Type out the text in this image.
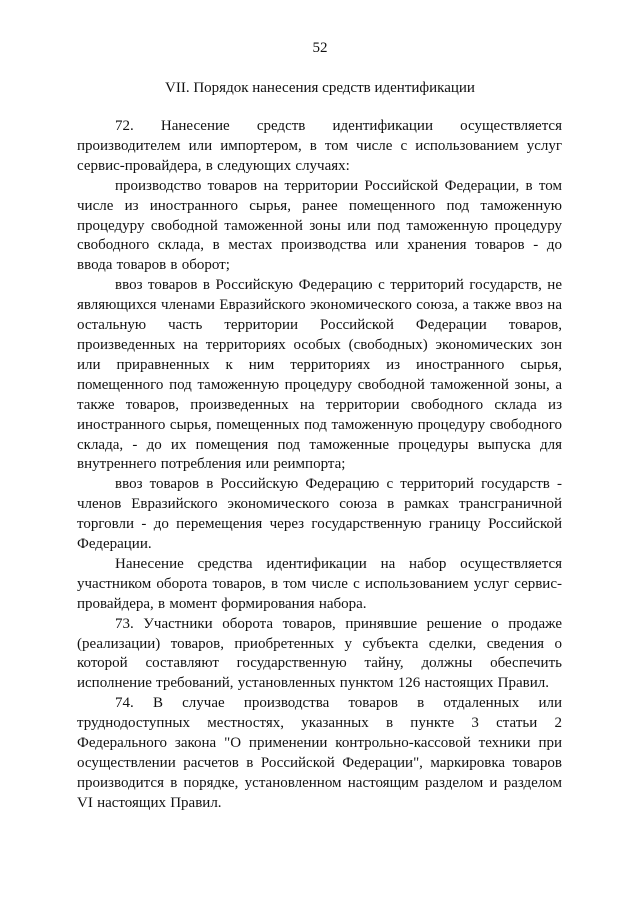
52
VII. Порядок нанесения средств идентификации

72. Нанесение средств идентификации осуществляется производителем или импортером, в том числе с использованием услуг сервис-провайдера, в следующих случаях:

производство товаров на территории Российской Федерации, в том числе из иностранного сырья, ранее помещенного под таможенную процедуру свободной таможенной зоны или под таможенную процедуру свободного склада, в местах производства или хранения товаров - до ввода товаров в оборот;

ввоз товаров в Российскую Федерацию с территорий государств, не являющихся членами Евразийского экономического союза, а также ввоз на остальную часть территории Российской Федерации товаров, произведенных на территориях особых (свободных) экономических зон или приравненных к ним территориях из иностранного сырья, помещенного под таможенную процедуру свободной таможенной зоны, а также товаров, произведенных на территории свободного склада из иностранного сырья, помещенных под таможенную процедуру свободного склада, - до их помещения под таможенные процедуры выпуска для внутреннего потребления или реимпорта;

ввоз товаров в Российскую Федерацию с территорий государств - членов Евразийского экономического союза в рамках трансграничной торговли - до перемещения через государственную границу Российской Федерации.

Нанесение средства идентификации на набор осуществляется участником оборота товаров, в том числе с использованием услуг сервис-провайдера, в момент формирования набора.

73. Участники оборота товаров, принявшие решение о продаже (реализации) товаров, приобретенных у субъекта сделки, сведения о которой составляют государственную тайну, должны обеспечить исполнение требований, установленных пунктом 126 настоящих Правил.

74. В случае производства товаров в отдаленных или труднодоступных местностях, указанных в пункте 3 статьи 2 Федерального закона "О применении контрольно-кассовой техники при осуществлении расчетов в Российской Федерации", маркировка товаров производится в порядке, установленном настоящим разделом и разделом VI настоящих Правил.
